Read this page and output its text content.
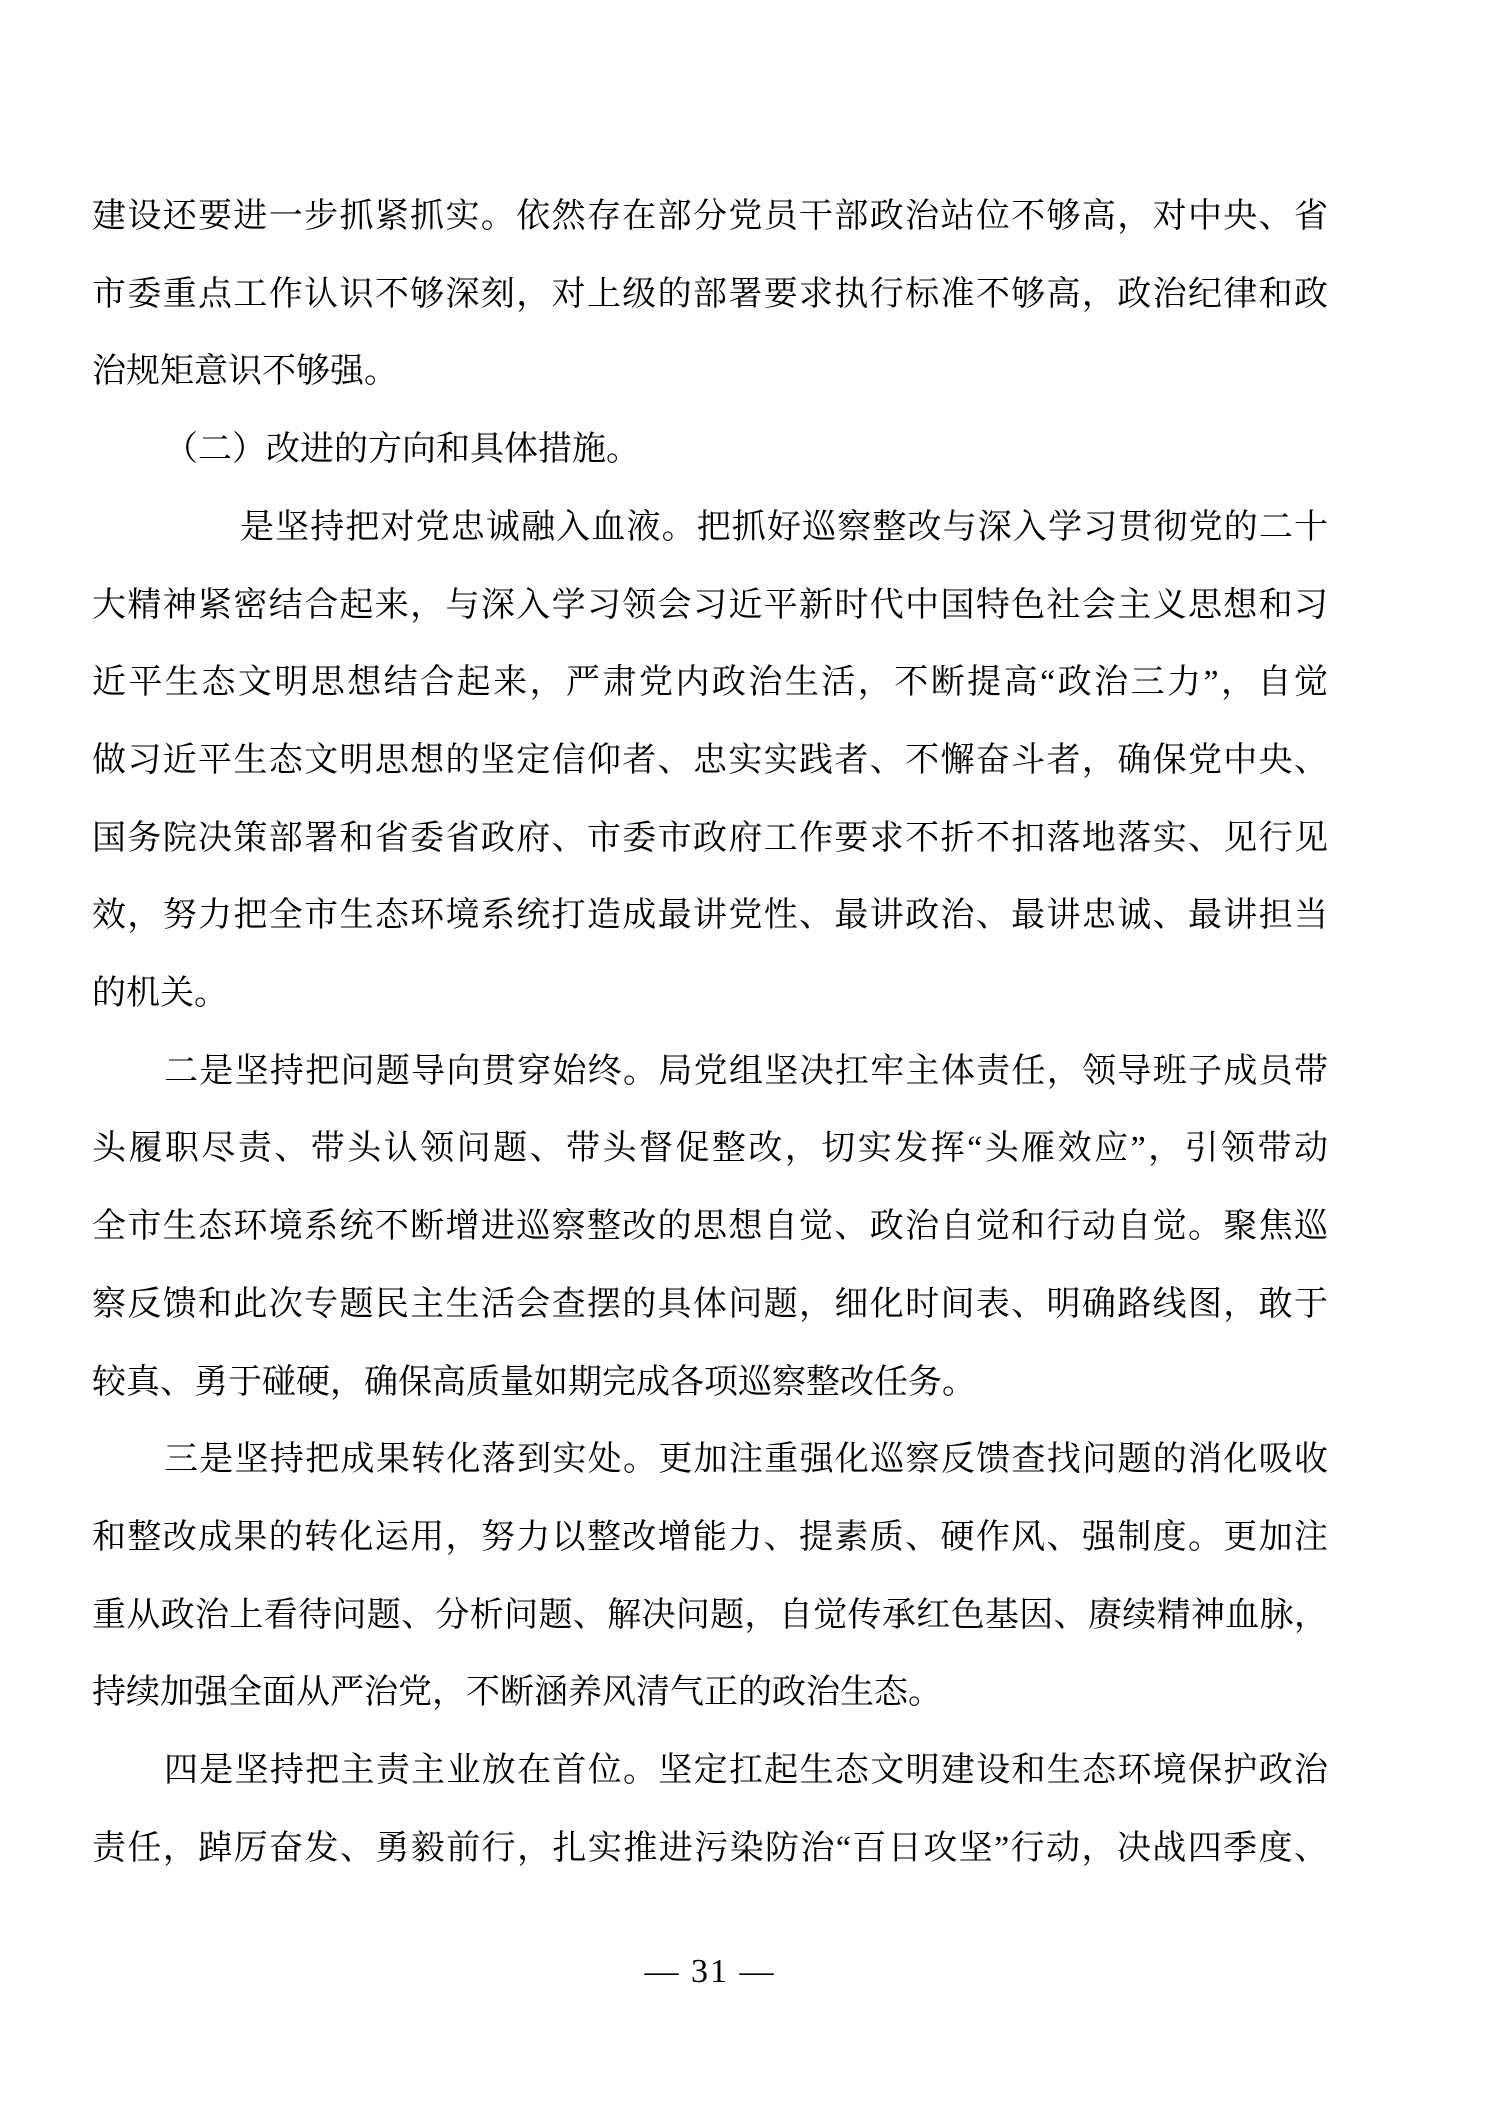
建设还要进一步抓紧抓实。依然存在部分党员干部政治站位不够高，对中央、省
市委重点工作认识不够深刻，对上级的部署要求执行标准不够高，政治纪律和政
治规矩意识不够强。
（二）改进的方向和具体措施。
是坚持把对党忠诚融入血液。把抓好巡察整改与深入学习贯彻党的二十
大精神紧密结合起来，与深入学习领会习近平新时代中国特色社会主义思想和习
近平生态文明思想结合起来，严肃党内政治生活，不断提高“政治三力”，自觉
做习近平生态文明思想的坚定信仰者、忠实实践者、不懈奋斗者，确保党中央、
国务院决策部署和省委省政府、市委市政府工作要求不折不扣落地落实、见行见
效，努力把全市生态环境系统打造成最讲党性、最讲政治、最讲忠诚、最讲担当
的机关。
二是坚持把问题导向贯穿始终。局党组坚决扛牢主体责任，领导班子成员带
头履职尽责、带头认领问题、带头督促整改，切实发挥“头雁效应”，引领带动
全市生态环境系统不断增进巡察整改的思想自觉、政治自觉和行动自觉。聚焦巡
察反馈和此次专题民主生活会查摆的具体问题，细化时间表、明确路线图，敢于
较真、勇于碰硬，确保高质量如期完成各项巡察整改任务。
三是坚持把成果转化落到实处。更加注重强化巡察反馈查找问题的消化吸收
和整改成果的转化运用，努力以整改增能力、提素质、硬作风、强制度。更加注
重从政治上看待问题、分析问题、解决问题，自觉传承红色基因、赓续精神血脉，
持续加强全面从严治党，不断涵养风清气正的政治生态。
四是坚持把主责主业放在首位。坚定扛起生态文明建设和生态环境保护政治
责任，踔厉奋发、勇毅前行，扎实推进污染防治“百日攻坚”行动，决战四季度、
— 31 —
